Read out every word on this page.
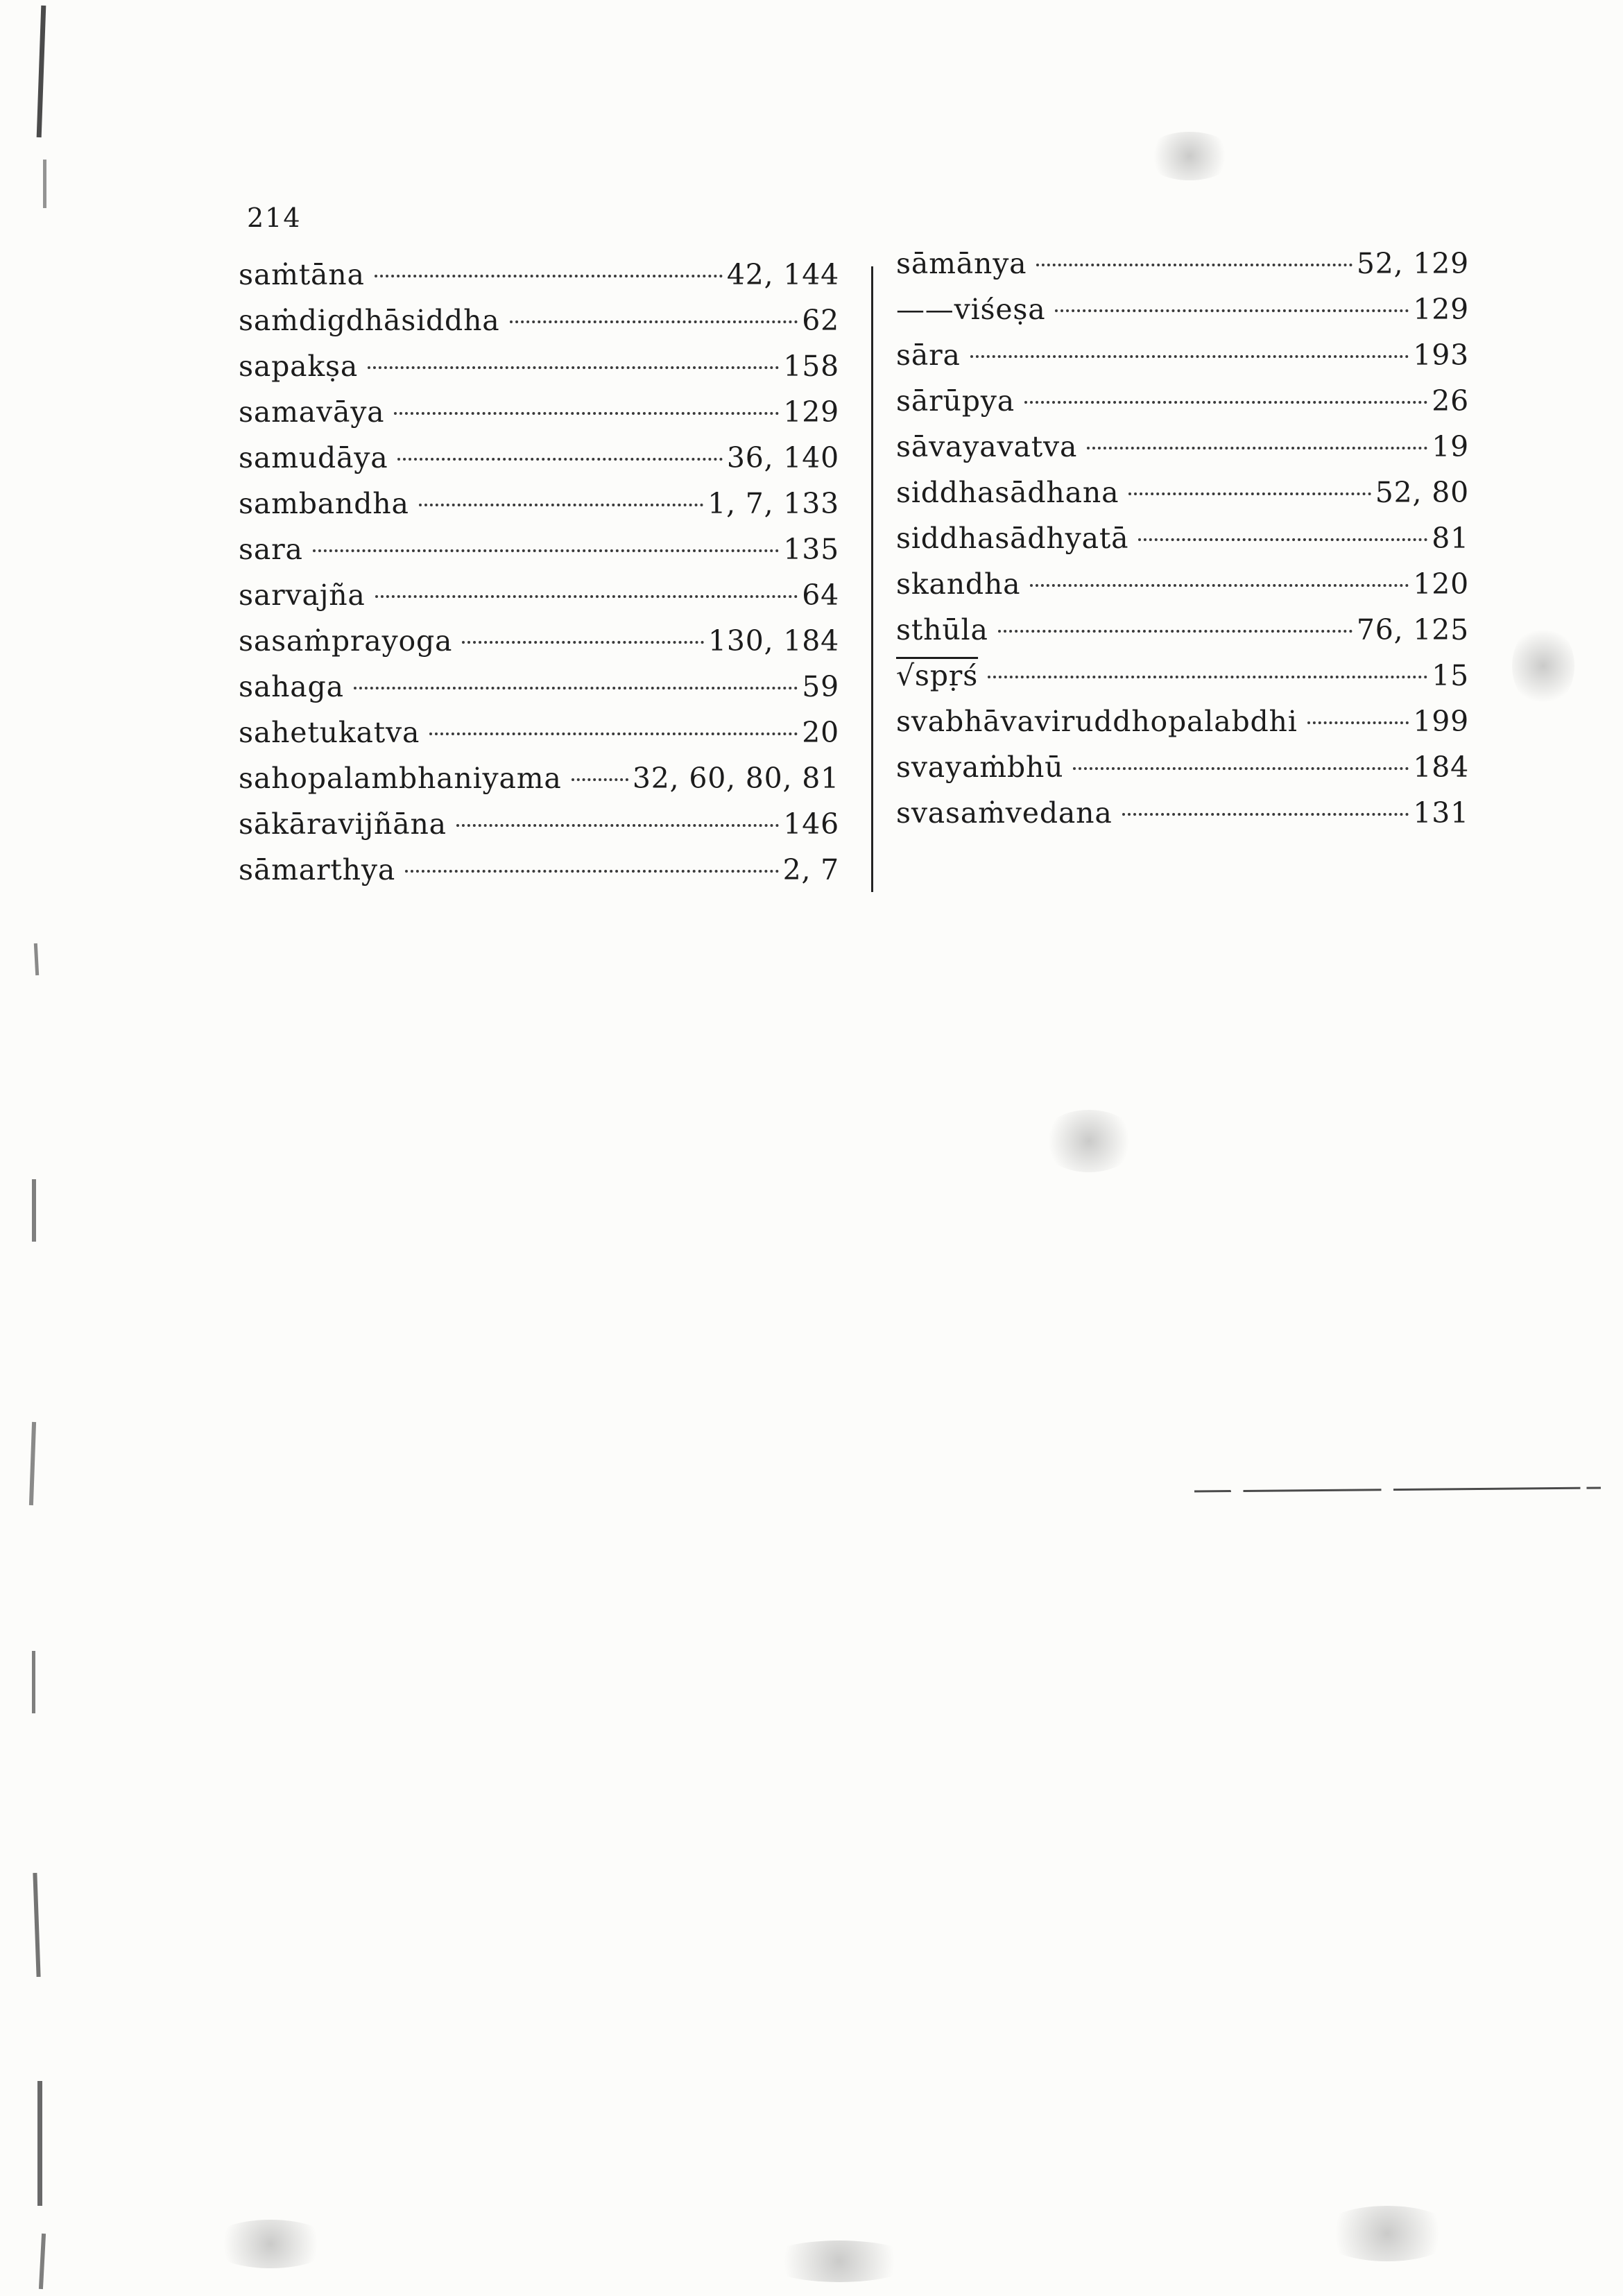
214
saṁtāna	42, 144
saṁdigdhāsiddha	62
sapakṣa	158
samavāya	129
samudāya	36, 140
sambandha	1, 7, 133
sara	135
sarvajña	64
sasaṁprayoga	130, 184
sahaga	59
sahetukatva	20
sahopalambhaniyama 32, 60, 80, 81
sākāravijñāna	146
sāmarthya	2, 7
sāmānya	52, 129
——viśeṣa	129
sāra	193
sārūpya	26
sāvayavatva	19
siddhasādhana	52, 80
siddhasādhyatā	81
skandha	120
sthūla	76, 125
√spṛś	15
svabhāvaviruddhopalabdhi	199
svayaṁbhū	184
svasaṁvedana	131
